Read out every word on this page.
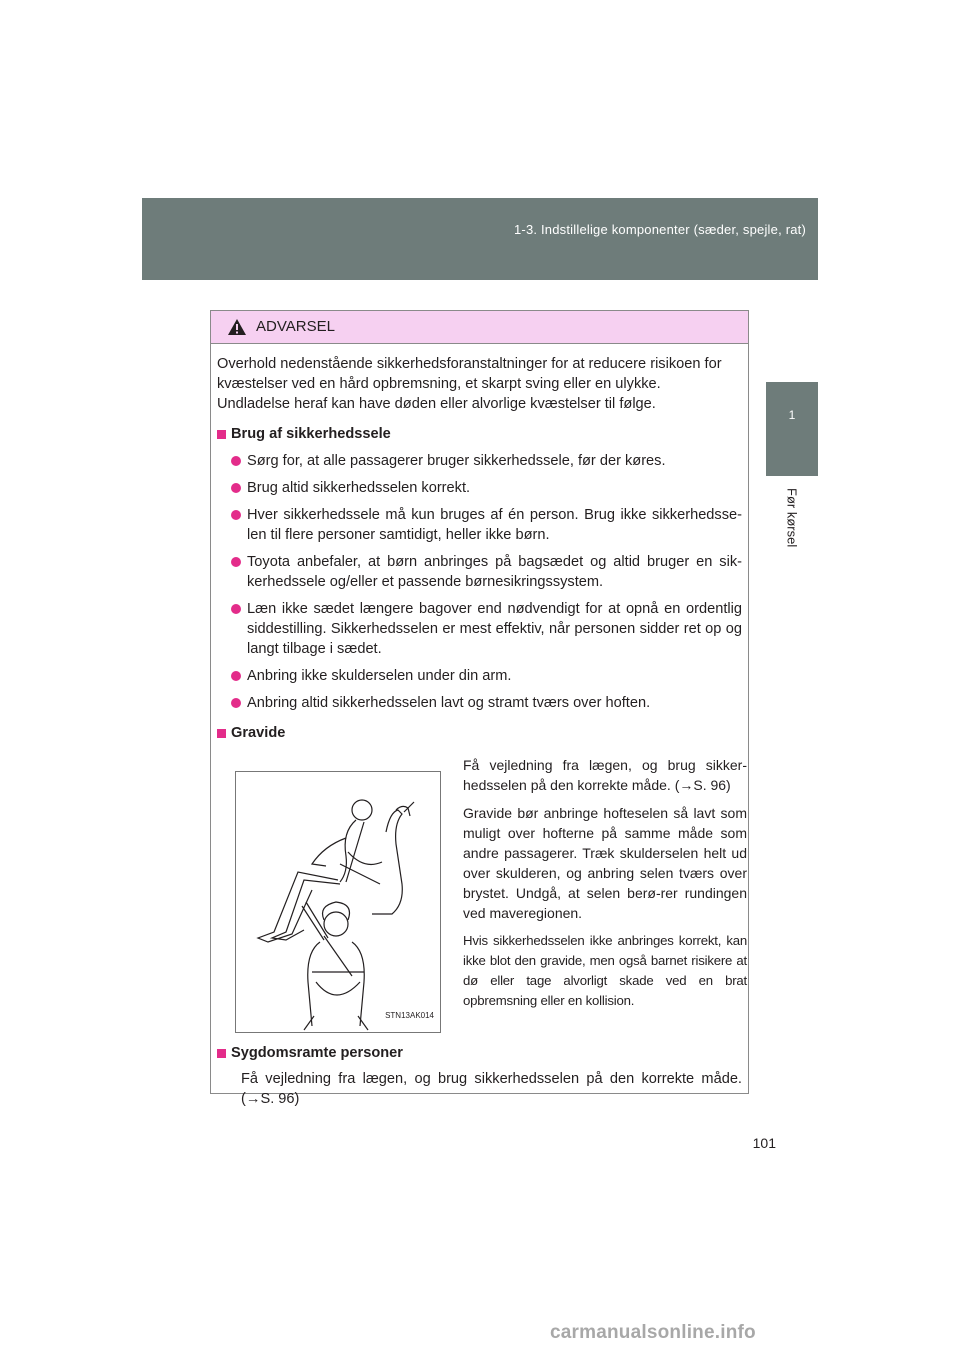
1-3. Indstillelige komponenter (sæder, spejle, rat)
1
Før kørsel
ADVARSEL

Overhold nedenstående sikkerhedsforanstaltninger for at reducere risikoen for kvæstelser ved en hård opbremsning, et skarpt sving eller en ulykke.

Undladelse heraf kan have døden eller alvorlige kvæstelser til følge.

Brug af sikkerhedssele
Sørg for, at alle passagerer bruger sikkerhedssele, før der køres.
Brug altid sikkerhedsselen korrekt.
Hver sikkerhedssele må kun bruges af én person. Brug ikke sikkerhedsse-len til flere personer samtidigt, heller ikke børn.
Toyota anbefaler, at børn anbringes på bagsædet og altid bruger en sik-kerhedssele og/eller et passende børnesikringssystem.
Læn ikke sædet længere bagover end nødvendigt for at opnå en ordentlig siddestilling. Sikkerhedsselen er mest effektiv, når personen sidder ret op og langt tilbage i sædet.
Anbring ikke skulderselen under din arm.
Anbring altid sikkerhedsselen lavt og stramt tværs over hoften.
Gravide
STN13AK014

Få vejledning fra lægen, og brug sikker-hedsselen på den korrekte måde. (→S. 96)

Gravide bør anbringe hofteselen så lavt som muligt over hofterne på samme måde som andre passagerer. Træk skulderselen helt ud over skulderen, og anbring selen tværs over brystet. Undgå, at selen berø-rer rundingen ved maveregionen.

Hvis sikkerhedsselen ikke anbringes korrekt, kan ikke blot den gravide, men også barnet risikere at dø eller tage alvorligt skade ved en brat opbremsning eller en kollision.

Sygdomsramte personer
Få vejledning fra lægen, og brug sikkerhedsselen på den korrekte måde. (→S. 96)
101
carmanualsonline.info
